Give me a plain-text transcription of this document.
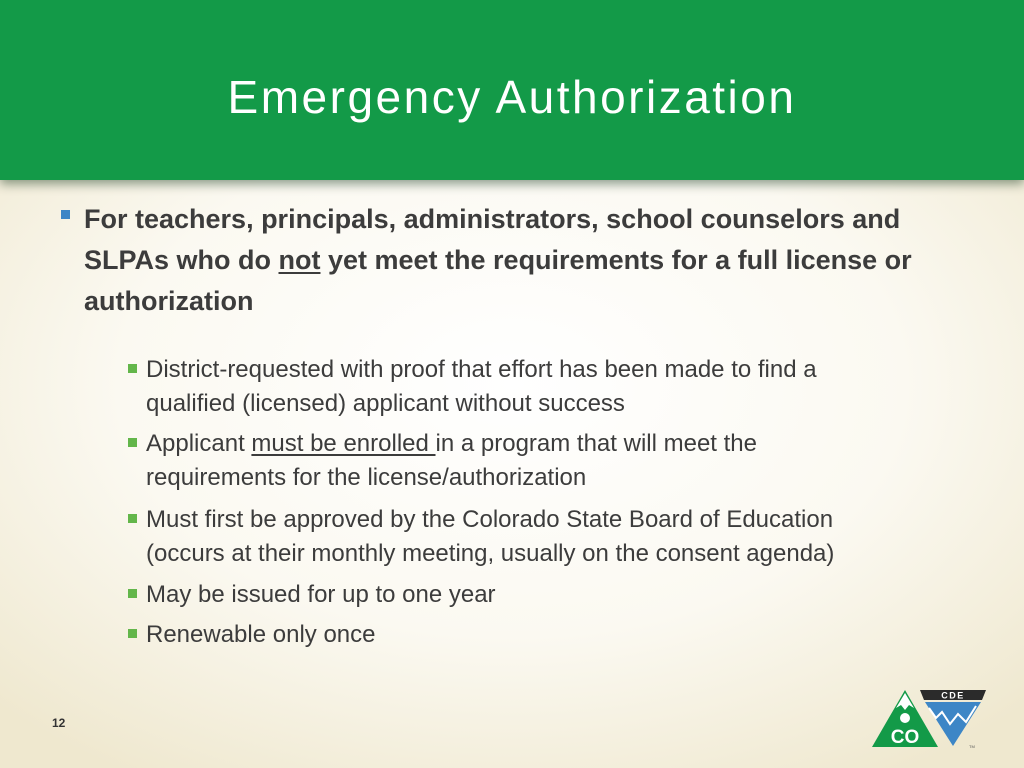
Emergency Authorization
For teachers, principals, administrators, school counselors and SLPAs who do not yet meet the requirements for a full license or authorization
District-requested with proof that effort has been made to find a
qualified (licensed) applicant without success
Applicant must be enrolled in a program that will meet the
requirements for the license/authorization
Must first be approved by the Colorado State Board of Education
(occurs at their monthly meeting, usually on the consent agenda)
May be issued for up to one year
Renewable only once
12
CO
CDE
TM
